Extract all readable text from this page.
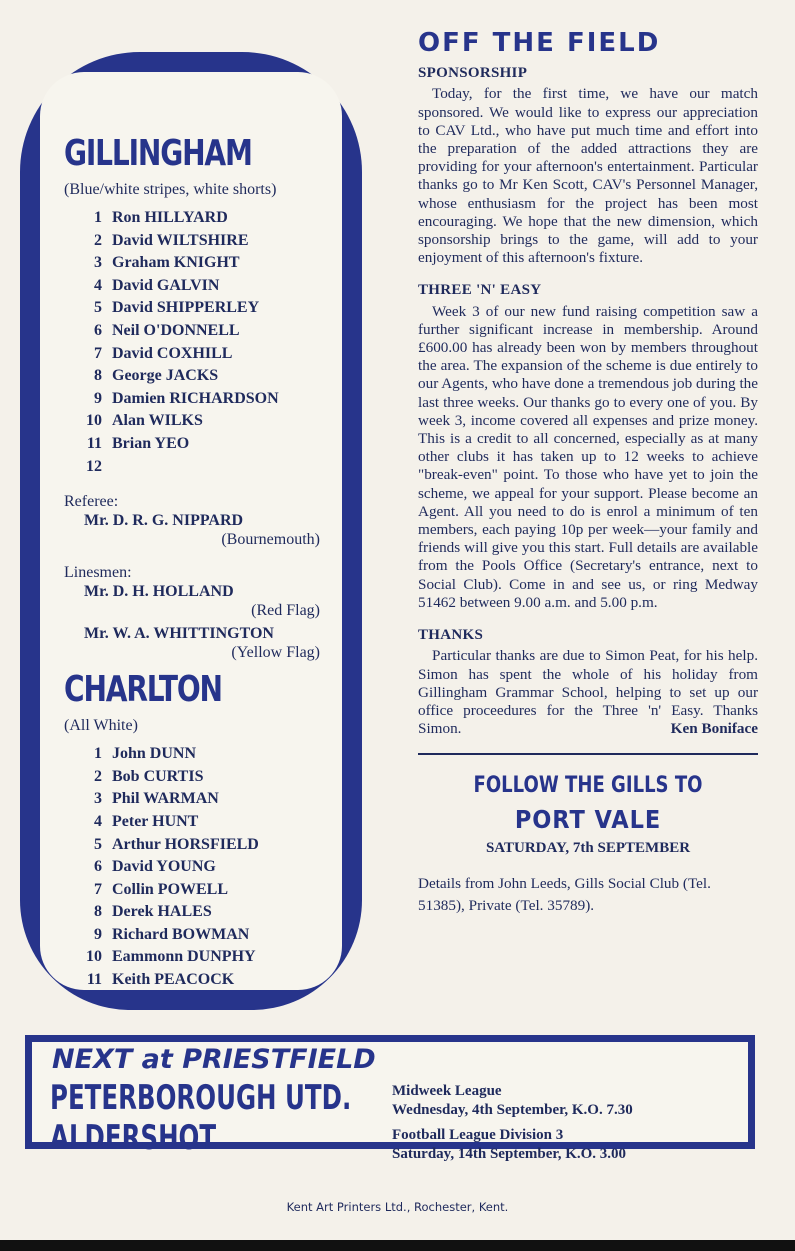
GILLINGHAM
(Blue/white stripes, white shorts)
1 Ron HILLYARD
2 David WILTSHIRE
3 Graham KNIGHT
4 David GALVIN
5 David SHIPPERLEY
6 Neil O'DONNELL
7 David COXHILL
8 George JACKS
9 Damien RICHARDSON
10 Alan WILKS
11 Brian YEO
12
Referee:
Mr. D. R. G. NIPPARD
(Bournemouth)
Linesmen:
Mr. D. H. HOLLAND
(Red Flag)
Mr. W. A. WHITTINGTON
(Yellow Flag)
CHARLTON
(All White)
1 John DUNN
2 Bob CURTIS
3 Phil WARMAN
4 Peter HUNT
5 Arthur HORSFIELD
6 David YOUNG
7 Collin POWELL
8 Derek HALES
9 Richard BOWMAN
10 Eammonn DUNPHY
11 Keith PEACOCK
OFF THE FIELD
SPONSORSHIP

Today, for the first time, we have our match sponsored. We would like to express our appreciation to CAV Ltd., who have put much time and effort into the preparation of the added attractions they are providing for your afternoon's entertainment. Particular thanks go to Mr Ken Scott, CAV's Personnel Manager, whose enthusiasm for the project has been most encouraging. We hope that the new dimension, which sponsorship brings to the game, will add to your enjoyment of this afternoon's fixture.

THREE 'N' EASY

Week 3 of our new fund raising competition saw a further significant increase in membership. Around £600.00 has already been won by members throughout the area. The expansion of the scheme is due entirely to our Agents, who have done a tremendous job during the last three weeks. Our thanks go to every one of you. By week 3, income covered all expenses and prize money. This is a credit to all concerned, especially as at many other clubs it has taken up to 12 weeks to achieve "break-even" point. To those who have yet to join the scheme, we appeal for your support. Please become an Agent. All you need to do is enrol a minimum of ten members, each paying 10p per week—your family and friends will give you this start. Full details are available from the Pools Office (Secretary's entrance, next to Social Club). Come in and see us, or ring Medway 51462 between 9.00 a.m. and 5.00 p.m.

THANKS

Particular thanks are due to Simon Peat, for his help. Simon has spent the whole of his holiday from Gillingham Grammar School, helping to set up our office proceedures for the Three 'n' Easy. Thanks Simon.	Ken Boniface
FOLLOW THE GILLS TO
PORT VALE
SATURDAY, 7th SEPTEMBER
Details from John Leeds, Gills Social Club (Tel. 51385), Private (Tel. 35789).
NEXT at PRIESTFIELD
PETERBOROUGH UTD.
ALDERSHOT
Midweek League
Wednesday, 4th September, K.O. 7.30
Football League Division 3
Saturday, 14th September, K.O. 3.00
Kent Art Printers Ltd., Rochester, Kent.
